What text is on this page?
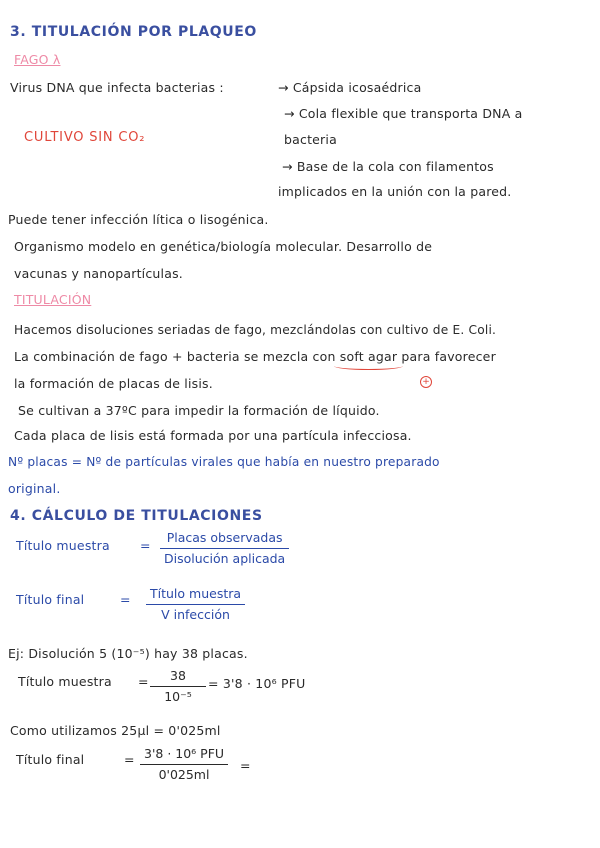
3. TITULACIÓN POR PLAQUEO
FAGO λ
Virus DNA que infecta bacterias :	→ Cápsida icosaédrica
→ Cola flexible que transporta DNA a
bacteria
CULTIVO SIN CO₂
→ Base de la cola con filamentos
implicados en la unión con la pared.
Puede tener infección lítica o lisogénica.
Organismo modelo en genética/biología molecular. Desarrollo de
vacunas y nanopartículas.
TITULACIÓN
Hacemos disoluciones seriadas de fago, mezclándolas con cultivo de E. Coli.
La combinación de fago + bacteria se mezcla con soft agar para favorecer
+
la formación de placas de lisis.
Se cultivan a 37ºC para impedir la formación de líquido.
Cada placa de lisis está formada por una partícula infecciosa.
Nº placas = Nº de partículas virales que había en nuestro preparado
original.
4. CÁLCULO DE TITULACIONES
Título muestra =
Placas observadas
Disolución aplicada
Título final	=	Título muestra
V infección
Ej: Disolución 5 (10⁻⁵) hay 38 placas.
Título muestra = $\frac{38}{\text{10⁻⁵}} = 3'8 \cdot 10^6$ PFU
Como utilizamos 25µl = 0'025ml
Título final	= 3'8 · 10⁶ PFU
0'025ml
=
